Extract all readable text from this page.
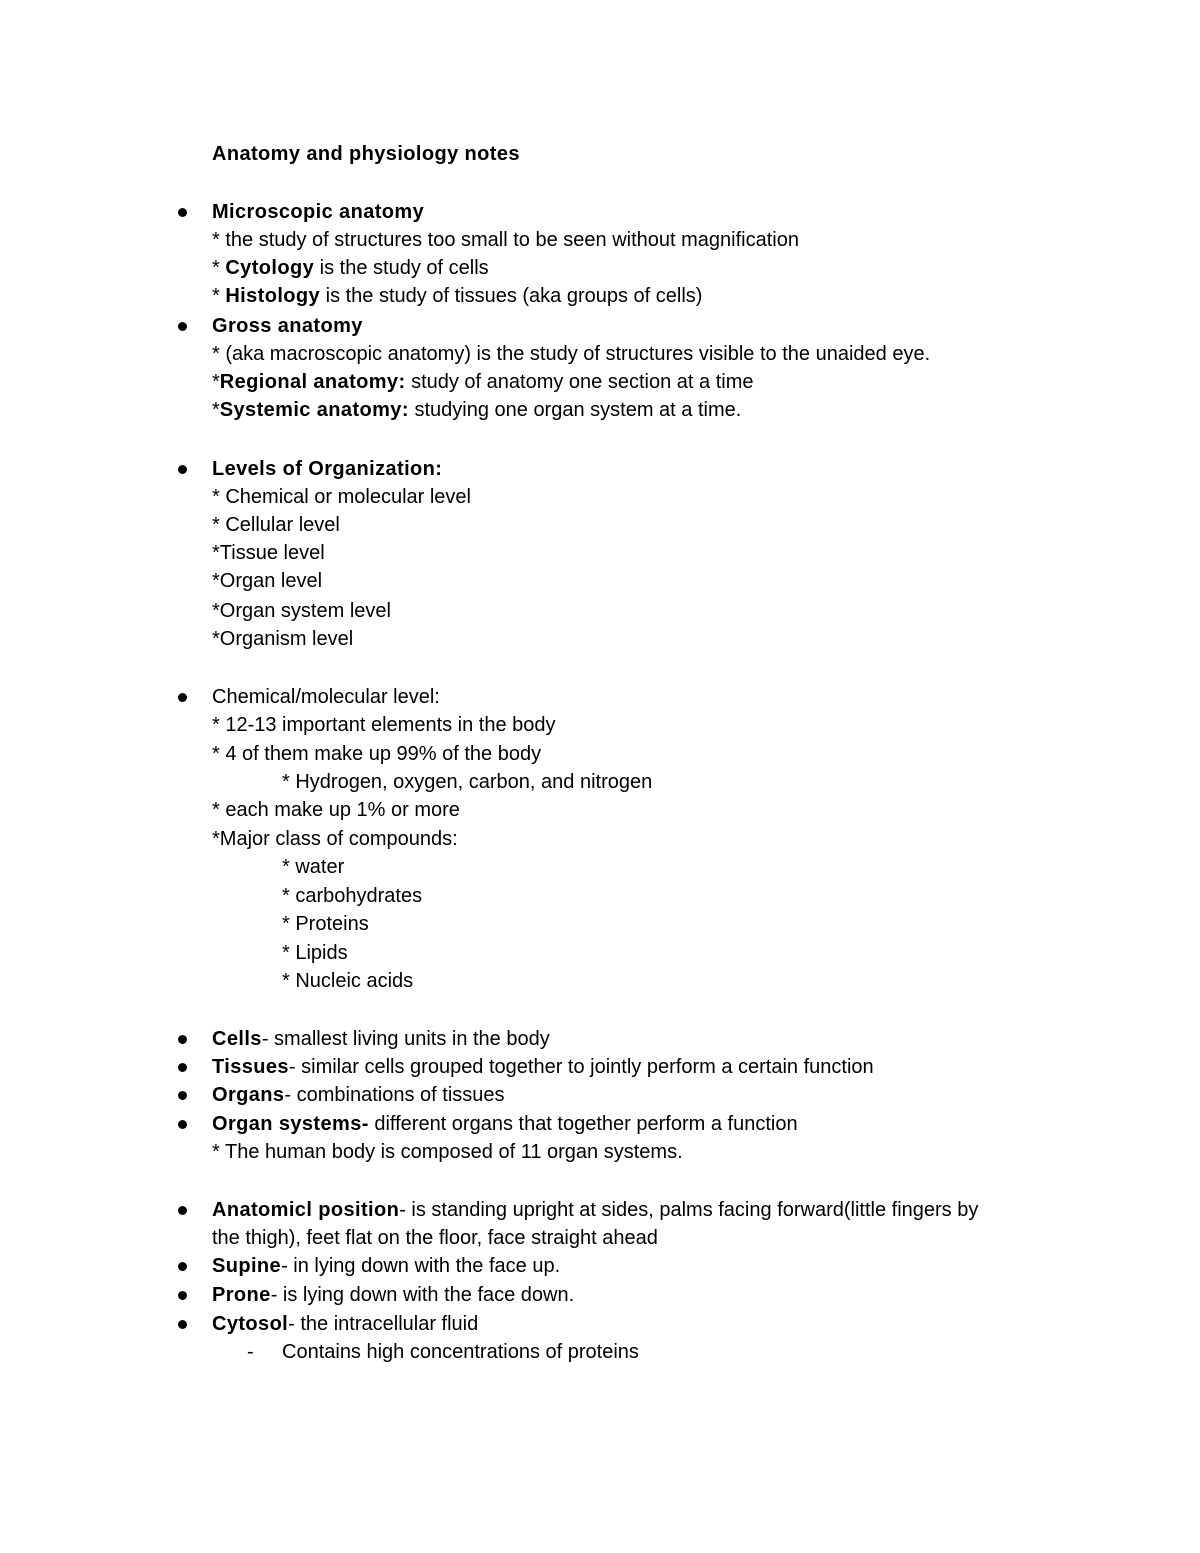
Anatomy and physiology notes
Microscopic anatomy
* the study of structures too small to be seen without magnification
* Cytology is the study of cells
* Histology is the study of tissues (aka groups of cells)
Gross anatomy
* (aka macroscopic anatomy) is the study of structures visible to the unaided eye.
*Regional anatomy: study of anatomy one section at a time
*Systemic anatomy: studying one organ system at a time.
Levels of Organization:
* Chemical or molecular level
* Cellular level
*Tissue level
*Organ level
*Organ system level
*Organism level
Chemical/molecular level:
* 12-13 important elements in the body
* 4 of them make up 99% of the body
* Hydrogen, oxygen, carbon, and nitrogen
* each make up 1% or more
*Major class of compounds:
* water
* carbohydrates
* Proteins
* Lipids
* Nucleic acids
Cells- smallest living units in the body
Tissues- similar cells grouped together to jointly perform a certain function
Organs- combinations of tissues
Organ systems- different organs that together perform a function
* The human body is composed of 11 organ systems.
Anatomicl position- is standing upright at sides, palms facing forward(little fingers by
the thigh), feet flat on the floor, face straight ahead
Supine- in lying down with the face up.
Prone- is lying down with the face down.
Cytosol- the intracellular fluid
- Contains high concentrations of proteins
